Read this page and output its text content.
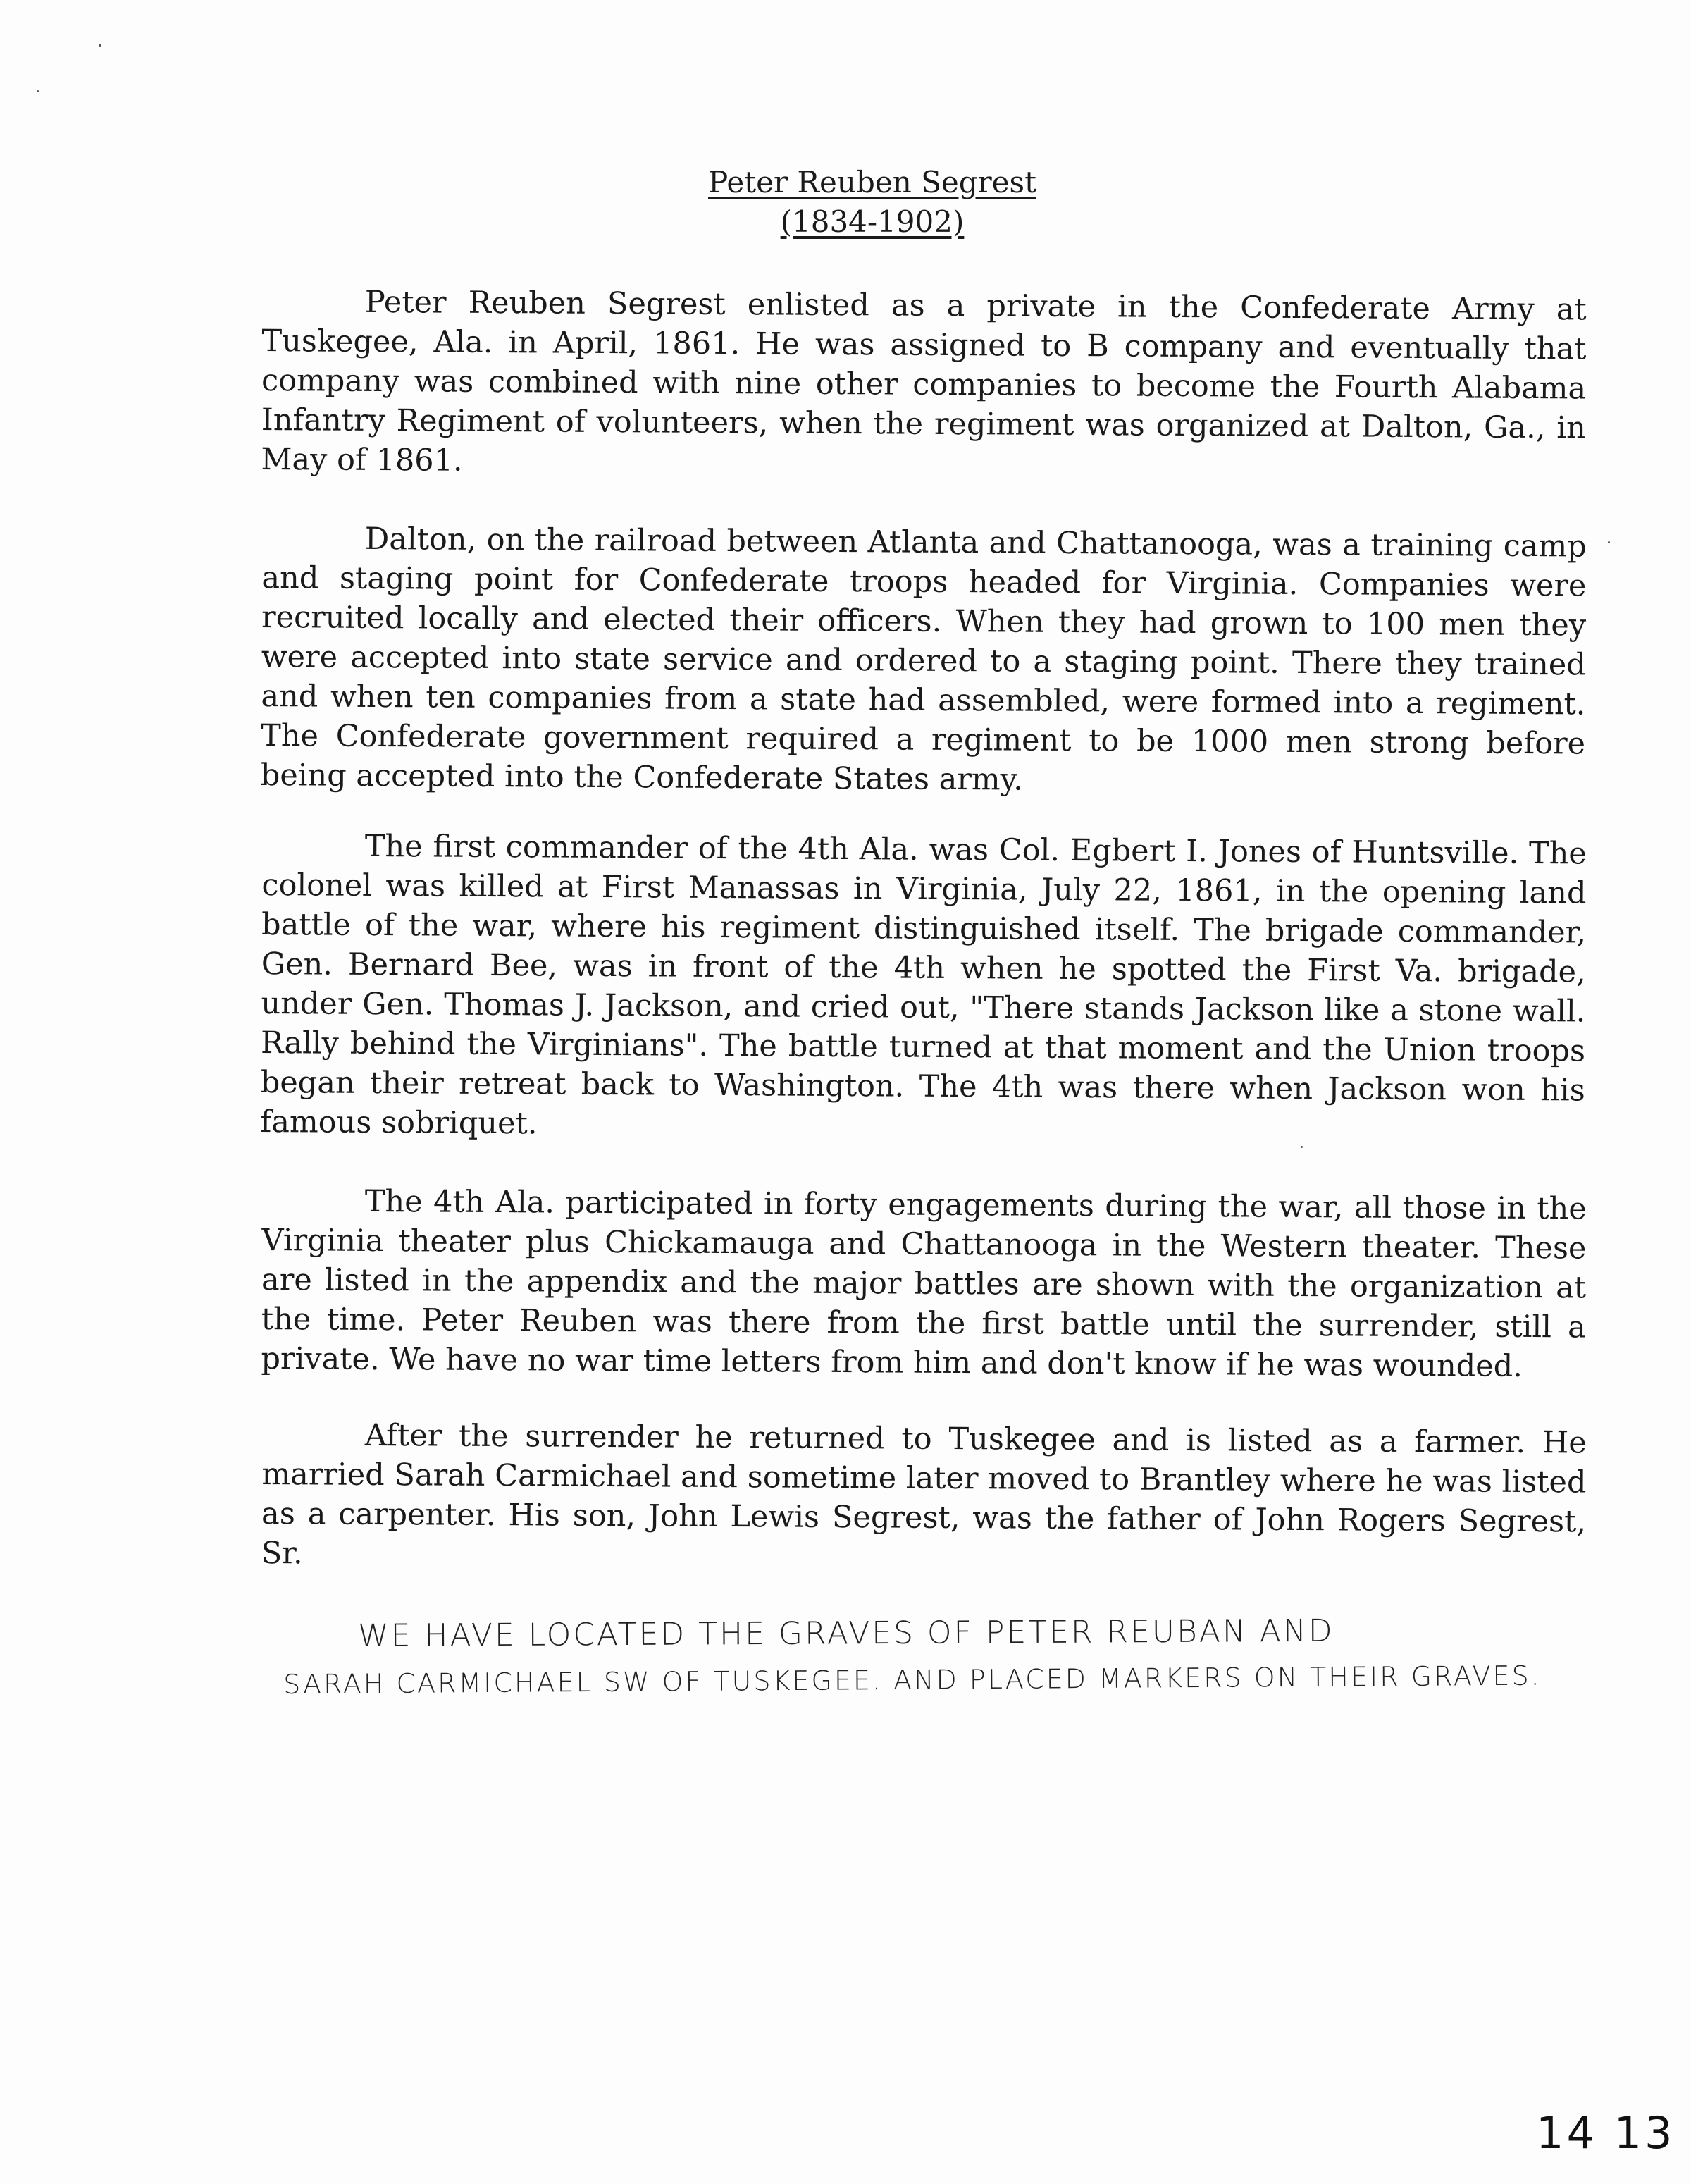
Peter Reuben Segrest
(1834-1902)

Peter Reuben Segrest enlisted as a private in the Confederate Army at Tuskegee, Ala. in April, 1861. He was assigned to B company and eventually that company was combined with nine other companies to become the Fourth Alabama Infantry Regiment of volunteers, when the regiment was organized at Dalton, Ga., in May of 1861.

Dalton, on the railroad between Atlanta and Chattanooga, was a training camp and staging point for Confederate troops headed for Virginia. Companies were recruited locally and elected their officers. When they had grown to 100 men they were accepted into state service and ordered to a staging point. There they trained and when ten companies from a state had assembled, were formed into a regiment. The Confederate government required a regiment to be 1000 men strong before being accepted into the Confederate States army.

The first commander of the 4th Ala. was Col. Egbert I. Jones of Huntsville. The colonel was killed at First Manassas in Virginia, July 22, 1861, in the opening land battle of the war, where his regiment distinguished itself. The brigade commander, Gen. Bernard Bee, was in front of the 4th when he spotted the First Va. brigade, under Gen. Thomas J. Jackson, and cried out, "There stands Jackson like a stone wall. Rally behind the Virginians". The battle turned at that moment and the Union troops began their retreat back to Washington. The 4th was there when Jackson won his famous sobriquet.

The 4th Ala. participated in forty engagements during the war, all those in the Virginia theater plus Chickamauga and Chattanooga in the Western theater. These are listed in the appendix and the major battles are shown with the organization at the time. Peter Reuben was there from the first battle until the surrender, still a private. We have no war time letters from him and don't know if he was wounded.

After the surrender he returned to Tuskegee and is listed as a farmer. He married Sarah Carmichael and sometime later moved to Brantley where he was listed as a carpenter. His son, John Lewis Segrest, was the father of John Rogers Segrest, Sr.

WE HAVE LOCATED THE GRAVES OF PETER REUBAN AND
SARAH CARMICHAEL SW OF TUSKEGEE. AND PLACED MARKERS ON THEIR GRAVES.
14 13
